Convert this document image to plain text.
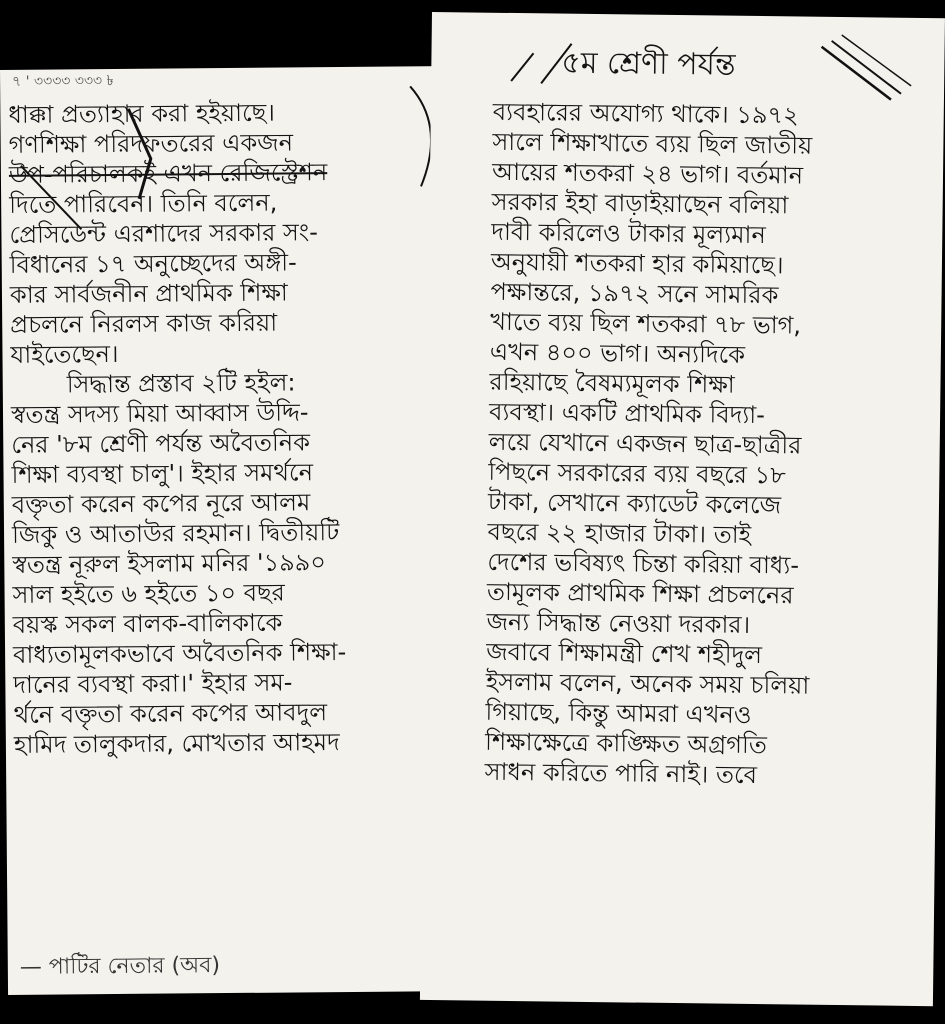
৭ ' ৩৩৩৩ ৩৩৩ ৳
ধাক্কা প্রত্যাহার করা হইয়াছে।
গণশিক্ষা পরিদফতরের একজন
উপ-পরিচালকই এখন রেজিস্ট্রেশন
দিতে পারিবেন। তিনি বলেন,
প্রেসিডেন্ট এরশাদের সরকার সং-
বিধানের ১৭ অনুচ্ছেদের অঙ্গী-
কার সার্বজনীন প্রাথমিক শিক্ষা
প্রচলনে নিরলস কাজ করিয়া
যাইতেছেন।
সিদ্ধান্ত প্রস্তাব ২টি হইল:
স্বতন্ত্র সদস্য মিয়া আব্বাস উদ্দি-
নের '৮ম শ্রেণী পর্যন্ত অবৈতনিক
শিক্ষা ব্যবস্থা চালু'। ইহার সমর্থনে
বক্তৃতা করেন কপের নূরে আলম
জিকু ও আতাউর রহমান। দ্বিতীয়টি
স্বতন্ত্র নূরুল ইসলাম মনির '১৯৯০
সাল হইতে ৬ হইতে ১০ বছর
বয়স্ক সকল বালক-বালিকাকে
বাধ্যতামূলকভাবে অবৈতনিক শিক্ষা-
দানের ব্যবস্থা করা।' ইহার সম-
র্থনে বক্তৃতা করেন কপের আবদুল
হামিদ তালুকদার, মোখতার আহমদ
— পাটির নেতার (অব)
৫ম শ্রেণী পর্যন্ত
ব্যবহারের অযোগ্য থাকে। ১৯৭২
সালে শিক্ষাখাতে ব্যয় ছিল জাতীয়
আয়ের শতকরা ২৪ ভাগ। বর্তমান
সরকার ইহা বাড়াইয়াছেন বলিয়া
দাবী করিলেও টাকার মূল্যমান
অনুযায়ী শতকরা হার কমিয়াছে।
পক্ষান্তরে, ১৯৭২ সনে সামরিক
খাতে ব্যয় ছিল শতকরা ৭৮ ভাগ,
এখন ৪০০ ভাগ। অন্যদিকে
রহিয়াছে বৈষম্যমূলক শিক্ষা
ব্যবস্থা। একটি প্রাথমিক বিদ্যা-
লয়ে যেখানে একজন ছাত্র-ছাত্রীর
পিছনে সরকারের ব্যয় বছরে ১৮
টাকা, সেখানে ক্যাডেট কলেজে
বছরে ২২ হাজার টাকা। তাই
দেশের ভবিষ্যৎ চিন্তা করিয়া বাধ্য-
তামূলক প্রাথমিক শিক্ষা প্রচলনের
জন্য সিদ্ধান্ত নেওয়া দরকার।
জবাবে শিক্ষামন্ত্রী শেখ শহীদুল
ইসলাম বলেন, অনেক সময় চলিয়া
গিয়াছে, কিন্তু আমরা এখনও
শিক্ষাক্ষেত্রে কাঙ্ক্ষিত অগ্রগতি
সাধন করিতে পারি নাই। তবে
